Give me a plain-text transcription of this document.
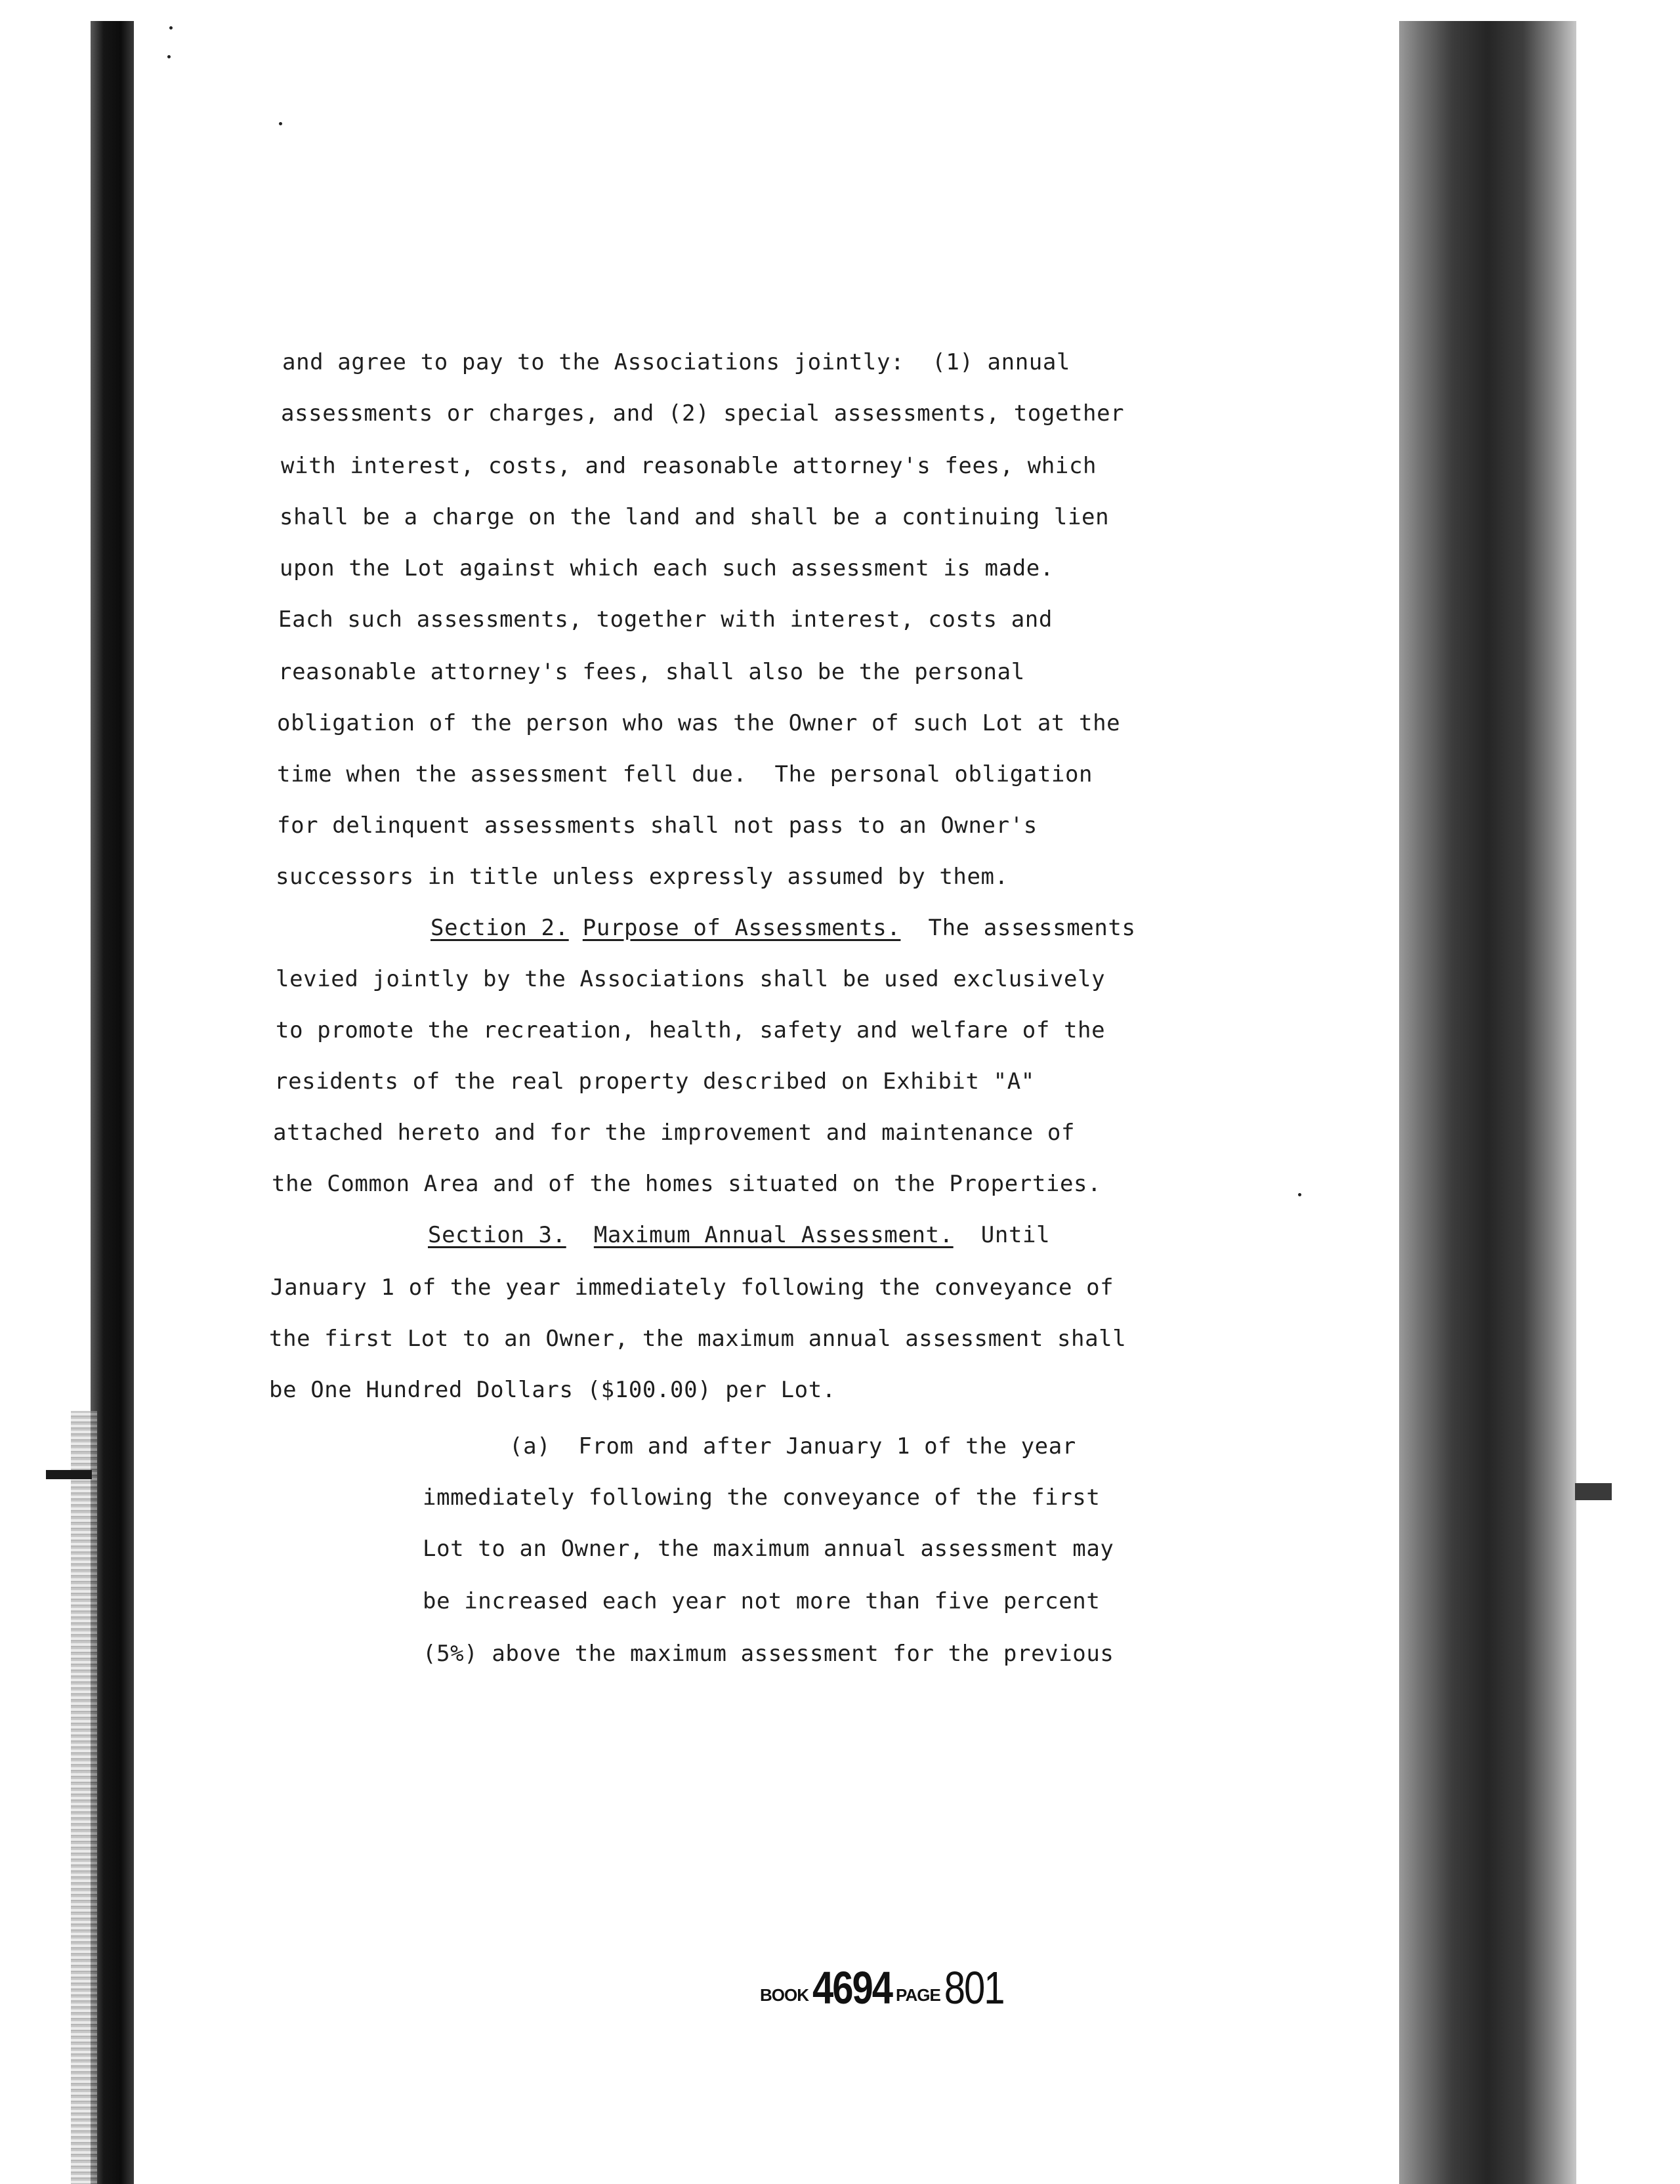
and agree to pay to the Associations jointly:  (1) annual
assessments or charges, and (2) special assessments, together
with interest, costs, and reasonable attorney's fees, which
shall be a charge on the land and shall be a continuing lien
upon the Lot against which each such assessment is made.
Each such assessments, together with interest, costs and
reasonable attorney's fees, shall also be the personal
obligation of the person who was the Owner of such Lot at the
time when the assessment fell due.  The personal obligation
for delinquent assessments shall not pass to an Owner's
successors in title unless expressly assumed by them.
Section 2. Purpose of Assessments.  The assessments
levied jointly by the Associations shall be used exclusively
to promote the recreation, health, safety and welfare of the
residents of the real property described on Exhibit "A"
attached hereto and for the improvement and maintenance of
the Common Area and of the homes situated on the Properties.
Section 3. Maximum Annual Assessment.  Until
January 1 of the year immediately following the conveyance of
the first Lot to an Owner, the maximum annual assessment shall
be One Hundred Dollars ($100.00) per Lot.
(a)  From and after January 1 of the year
immediately following the conveyance of the first
Lot to an Owner, the maximum annual assessment may
be increased each year not more than five percent
(5%) above the maximum assessment for the previous
BOOK 4694 PAGE 801
